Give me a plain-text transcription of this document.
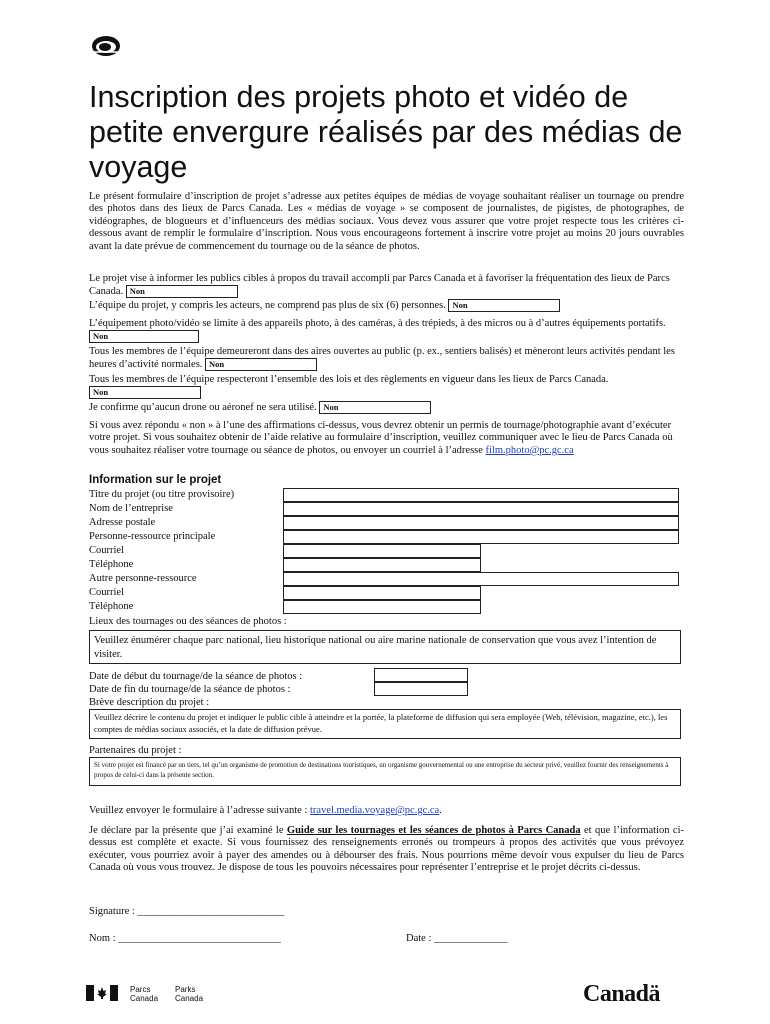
Inscription des projets photo et vidéo de petite envergure réalisés par des médias de voyage

Le présent formulaire d’inscription de projet s’adresse aux petites équipes de médias de voyage souhaitant réaliser un tournage ou prendre des photos dans des lieux de Parcs Canada. Les « médias de voyage » se composent de journalistes, de pigistes, de photographes, de vidéographes, de blogueurs et d’influenceurs des médias sociaux. Vous devez vous assurer que votre projet respecte tous les critères ci-dessous avant de remplir le formulaire d’inscription. Nous vous encourageons fortement à inscrire votre projet au moins 20 jours ouvrables avant la date prévue de commencement du tournage ou de la séance de photos.

Le projet vise à informer les publics cibles à propos du travail accompli par Parcs Canada et à favoriser la fréquentation des lieux de Parcs Canada. Non
L’équipe du projet, y compris les acteurs, ne comprend pas plus de six (6) personnes. Non
L’équipement photo/vidéo se limite à des appareils photo, à des caméras, à des trépieds, à des micros ou à d’autres équipements portatifs. Non
Tous les membres de l’équipe demeureront dans des aires ouvertes au public (p. ex., sentiers balisés) et mèneront leurs activités pendant les heures d’activité normales. Non
Tous les membres de l’équipe respecteront l’ensemble des lois et des règlements en vigueur dans les lieux de Parcs Canada. Non
Je confirme qu’aucun drone ou aéronef ne sera utilisé. Non

Si vous avez répondu « non » à l’une des affirmations ci-dessus, vous devrez obtenir un permis de tournage/photographie avant d’exécuter votre projet. Si vous souhaitez obtenir de l’aide relative au formulaire d’inscription, veuillez communiquer avec le lieu de Parcs Canada où vous souhaitez réaliser votre tournage ou séance de photos, ou envoyer un courriel à l’adresse film.photo@pc.gc.ca

Information sur le projet
Titre du projet (ou titre provisoire)
Nom de l’entreprise
Adresse postale
Personne-ressource principale
Courriel
Téléphone
Autre personne-ressource
Courriel
Téléphone
Lieux des tournages ou des séances de photos :
Veuillez énumérer chaque parc national, lieu historique national ou aire marine nationale de conservation que vous avez l’intention de visiter.
Date de début du tournage/de la séance de photos :
Date de fin du tournage/de la séance de photos :
Brève description du projet :
Veuillez décrire le contenu du projet et indiquer le public cible à atteindre et la portée, la plateforme de diffusion qui sera employée (Web, télévision, magazine, etc.), les comptes de médias sociaux associés, et la date de diffusion prévue.
Partenaires du projet :
Si votre projet est financé par un tiers, tel qu’un organisme de promotion de destinations touristiques, un organisme gouvernemental ou une entreprise du secteur privé, veuillez fournir des renseignements à propos de celui-ci dans la présente section.
Veuillez envoyer le formulaire à l’adresse suivante : travel.media.voyage@pc.gc.ca.

Je déclare par la présente que j’ai examiné le Guide sur les tournages et les séances de photos à Parcs Canada et que l’information ci-dessus est complète et exacte. Si vous fournissez des renseignements erronés ou trompeurs à propos des activités que vous prévoyez exécuter, vous pourriez avoir à payer des amendes ou à débourser des frais. Nous pourrions même devoir vous expulser du lieu de Parcs Canada où vous vous trouvez. Je dispose de tous les pouvoirs nécessaires pour représenter l’entreprise et le projet décrits ci-dessus.

Signature : ____________________________
Nom : _______________________________	Date : ______________
Parcs
Canada
Parks
Canada	Canadä
